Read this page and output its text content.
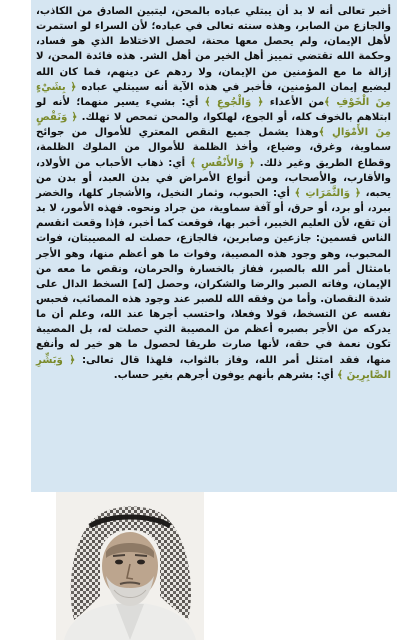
أخبر تعالى أنه لا بد أن يبتلي عباده بالمحن، ليتبين الصادق من الكاذب، والجازع من الصابر، وهذه سنته تعالى في عباده؛ لأن السراء لو استمرت لأهل الإيمان، ولم يحصل معها محنة، لحصل الاختلاط الذي هو فساد، وحكمة الله تقتضي تمييز أهل الخير من أهل الشر. هذه فائدة المحن، لا إزالة ما مع المؤمنين من الإيمان، ولا ردهم عن دينهم، فما كان الله ليضيع إيمان المؤمنين، فأخبر في هذه الآية أنه سيبتلي عباده ﴿ بِشَيْءٍ مِنَ الْخَوْفِ ﴾من الأعداء ﴿ وَالْجُوعِ ﴾ أي: بشيء يسير منهما؛ لأنه لو ابتلاهم بالخوف كله، أو الجوع، لهلكوا، والمحن تمحص لا تهلك. ﴿ وَنَقْصٍ مِنَ الأَمْوَالِ ﴾وهذا يشمل جميع النقص المعتري للأموال من جوائح سماوية، وغرق، وضياع، وأخذ الظلمة للأموال من الملوك الظلمة، وقطاع الطريق وغير ذلك. ﴿ وَالأَنْفُسِ ﴾ أي: ذهاب الأحباب من الأولاد، والأقارب، والأصحاب، ومن أنواع الأمراض في بدن العبد، أو بدن من يحبه، ﴿ وَالثَّمَرَاتِ ﴾ أي: الحبوب، وثمار النخيل، والأشجار كلها، والخضر ببرد، أو برد، أو حرق، أو آفة سماوية، من جراد ونحوه. فهذه الأمور، لا بد أن تقع، لأن العليم الخبير، أخبر بها، فوقعت كما أخبر، فإذا وقعت انقسم الناس قسمين: جازعين وصابرين، فالجازع، حصلت له المصيبتان، فوات المحبوب، وهو وجود هذه المصيبة، وفوات ما هو أعظم منها، وهو الأجر بامتثال أمر الله بالصبر، ففاز بالخسارة والحرمان، ونقص ما معه من الإيمان، وفاته الصبر والرضا والشكران، وحصل [له] السخط الدال على شدة النقصان. وأما من وفقه الله للصبر عند وجود هذه المصائب، فحبس نفسه عن التسخط، قولا وفعلا، واحتسب أجرها عند الله، وعلم أن ما يدركه من الأجر بصبره أعظم من المصيبة التي حصلت له، بل المصيبة تكون نعمة في حقه، لأنها صارت طريقا لحصول ما هو خير له وأنفع منها، فقد امتثل أمر الله، وفاز بالثواب، فلهذا قال تعالى: ﴿ وَبَشِّرِ الصَّابِرِينَ ﴾ أي: بشرهم بأنهم يوفون أجرهم بغير حساب.
